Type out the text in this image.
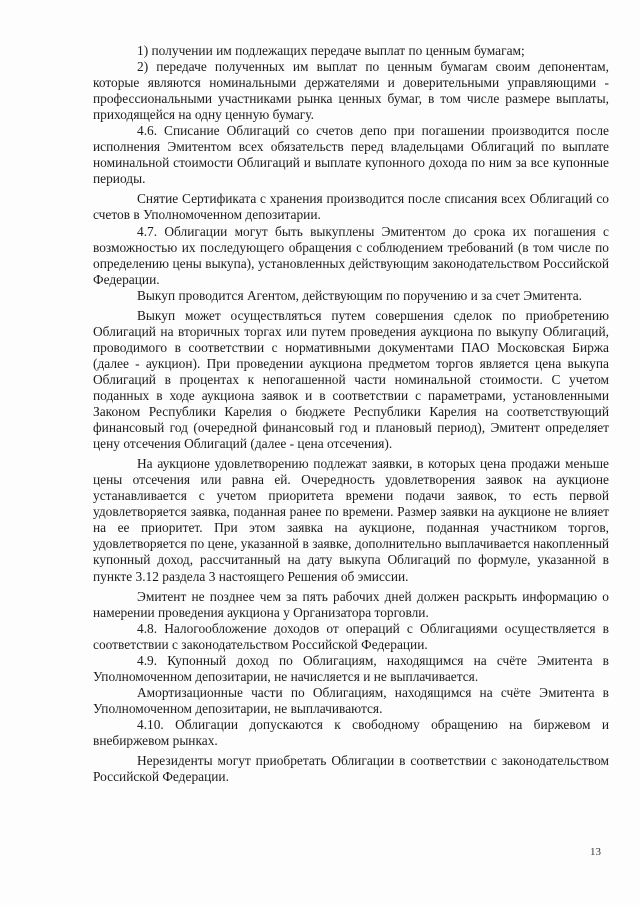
1) получении им подлежащих передаче выплат по ценным бумагам;

2) передаче полученных им выплат по ценным бумагам своим депонентам, которые являются номинальными держателями и доверительными управляющими - профессиональными участниками рынка ценных бумаг, в том числе размере выплаты, приходящейся на одну ценную бумагу.

4.6. Списание Облигаций со счетов депо при погашении производится после исполнения Эмитентом всех обязательств перед владельцами Облигаций по выплате номинальной стоимости Облигаций и выплате купонного дохода по ним за все купонные периоды.

Снятие Сертификата с хранения производится после списания всех Облигаций со счетов в Уполномоченном депозитарии.

4.7. Облигации могут быть выкуплены Эмитентом до срока их погашения с возможностью их последующего обращения с соблюдением требований (в том числе по определению цены выкупа), установленных действующим законодательством Российской Федерации.

Выкуп проводится Агентом, действующим по поручению и за счет Эмитента.

Выкуп может осуществляться путем совершения сделок по приобретению Облигаций на вторичных торгах или путем проведения аукциона по выкупу Облигаций, проводимого в соответствии с нормативными документами ПАО Московская Биржа (далее - аукцион). При проведении аукциона предметом торгов является цена выкупа Облигаций в процентах к непогашенной части номинальной стоимости. С учетом поданных в ходе аукциона заявок и в соответствии с параметрами, установленными Законом Республики Карелия о бюджете Республики Карелия на соответствующий финансовый год (очередной финансовый год и плановый период), Эмитент определяет цену отсечения Облигаций (далее - цена отсечения).

На аукционе удовлетворению подлежат заявки, в которых цена продажи меньше цены отсечения или равна ей. Очередность удовлетворения заявок на аукционе устанавливается с учетом приоритета времени подачи заявок, то есть первой удовлетворяется заявка, поданная ранее по времени. Размер заявки на аукционе не влияет на ее приоритет. При этом заявка на аукционе, поданная участником торгов, удовлетворяется по цене, указанной в заявке, дополнительно выплачивается накопленный купонный доход, рассчитанный на дату выкупа Облигаций по формуле, указанной в пункте 3.12 раздела 3 настоящего Решения об эмиссии.

Эмитент не позднее чем за пять рабочих дней должен раскрыть информацию о намерении проведения аукциона у Организатора торговли.

4.8. Налогообложение доходов от операций с Облигациями осуществляется в соответствии с законодательством Российской Федерации.

4.9. Купонный доход по Облигациям, находящимся на счёте Эмитента в Уполномоченном депозитарии, не начисляется и не выплачивается.

Амортизационные части по Облигациям, находящимся на счёте Эмитента в Уполномоченном депозитарии, не выплачиваются.

4.10. Облигации допускаются к свободному обращению на биржевом и внебиржевом рынках.

Нерезиденты могут приобретать Облигации в соответствии с законодательством Российской Федерации.

13
